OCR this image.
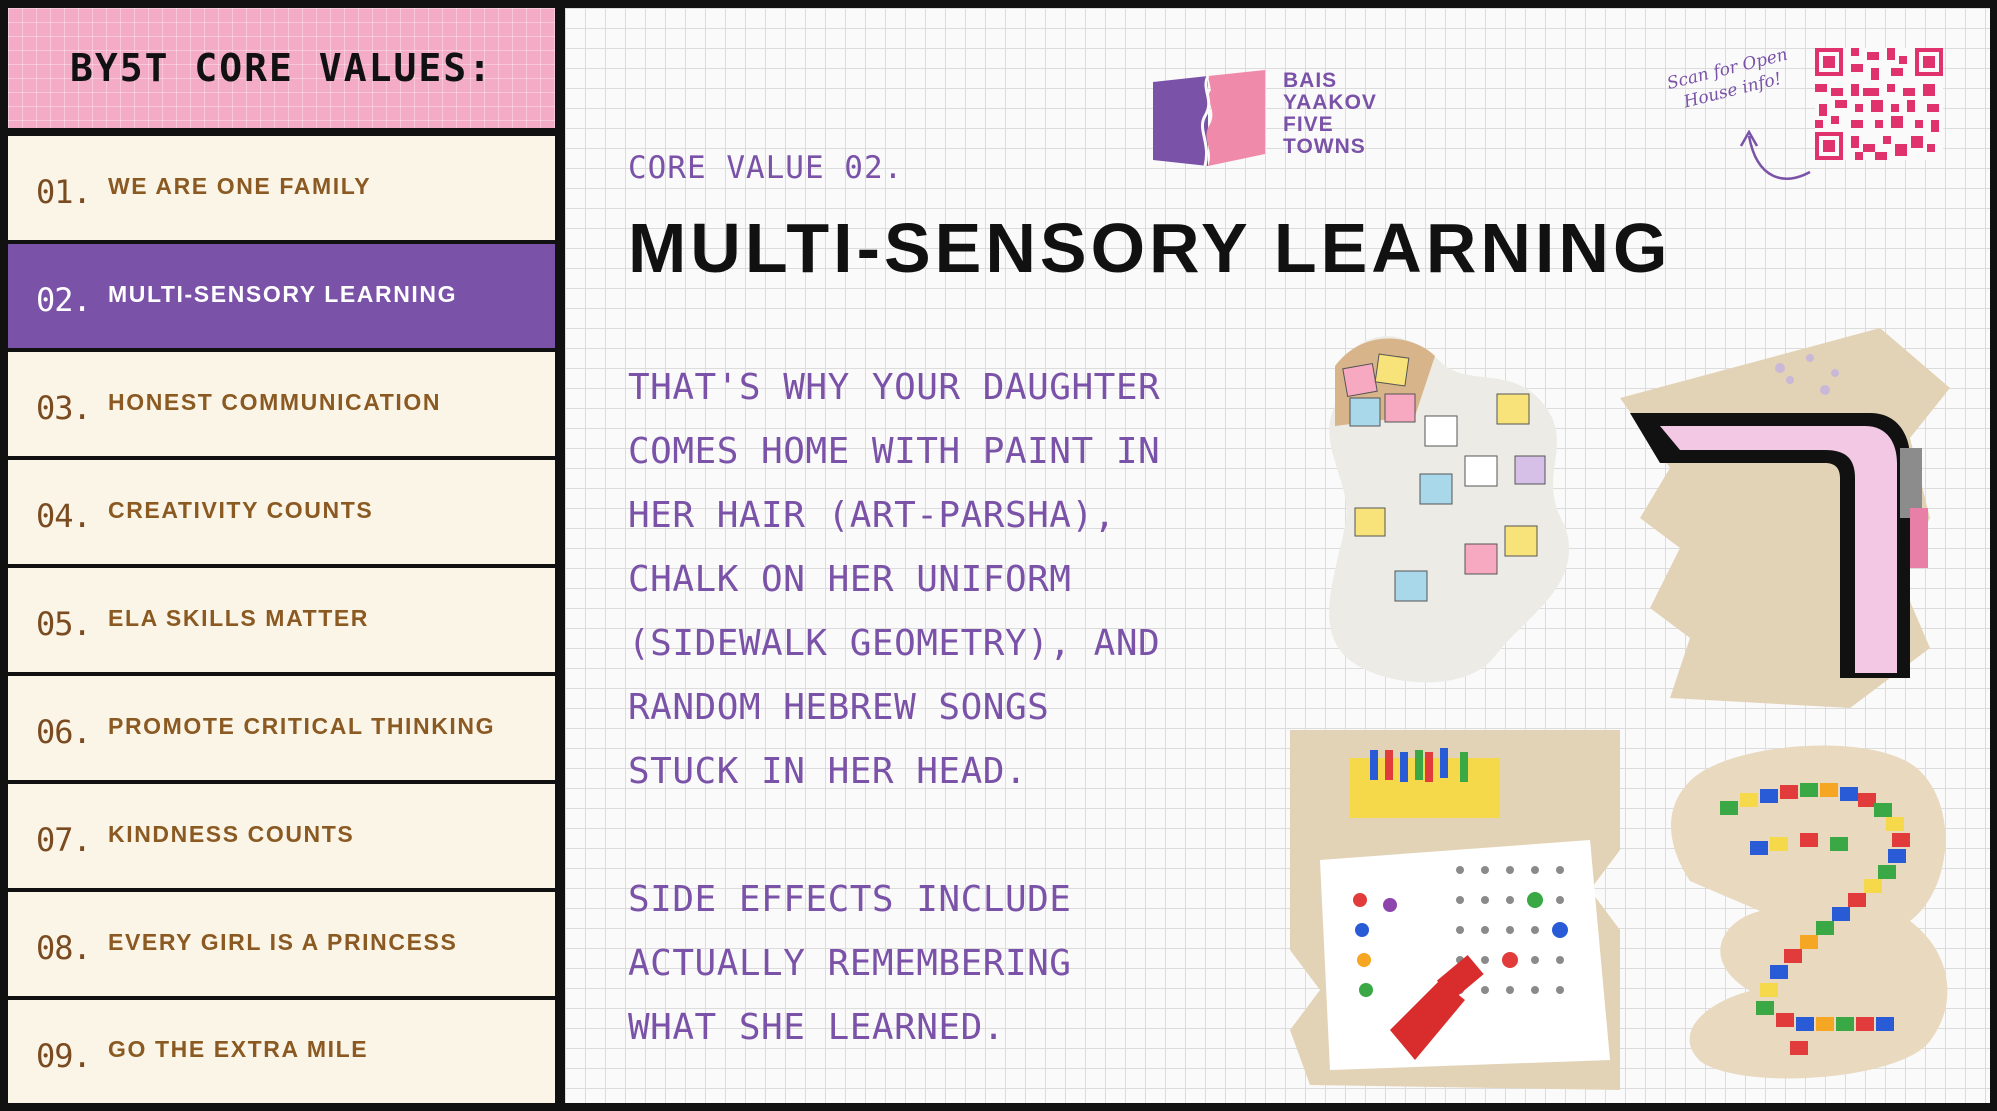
BY5T CORE VALUES:
01. WE ARE ONE FAMILY
02. MULTI-SENSORY LEARNING
03. HONEST COMMUNICATION
04. CREATIVITY COUNTS
05. ELA SKILLS MATTER
06. PROMOTE CRITICAL THINKING
07. KINDNESS COUNTS
08. EVERY GIRL IS A PRINCESS
09. GO THE EXTRA MILE
BAIS
YAAKOV
FIVE
TOWNS
Scan for Open House info!
CORE VALUE 02.
MULTI-SENSORY LEARNING

THAT'S WHY YOUR DAUGHTER

COMES HOME WITH PAINT IN

HER HAIR (ART-PARSHA),

CHALK ON HER UNIFORM

(SIDEWALK GEOMETRY), AND

RANDOM HEBREW SONGS

STUCK IN HER HEAD.

SIDE EFFECTS INCLUDE

ACTUALLY REMEMBERING

WHAT SHE LEARNED.
